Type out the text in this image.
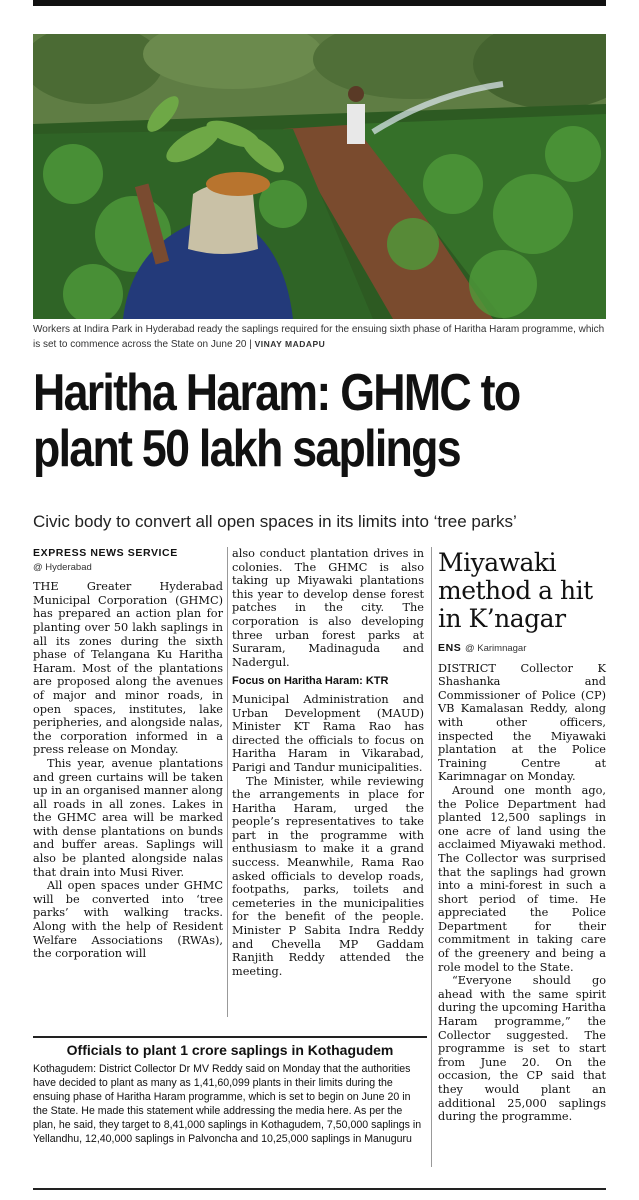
Workers at Indira Park in Hyderabad ready the saplings required for the ensuing sixth phase of Haritha Haram programme, which is set to commence across the State on June 20 | VINAY MADAPU
Haritha Haram: GHMC to
plant 50 lakh saplings
Civic body to convert all open spaces in its limits into ‘tree parks’
EXPRESS NEWS SERVICE
@ Hyderabad

THE Greater Hyderabad Municipal Corporation (GHMC) has prepared an action plan for planting over 50 lakh saplings in all its zones during the sixth phase of Telangana Ku Haritha Haram. Most of the plantations are proposed along the avenues of major and minor roads, in open spaces, institutes, lake peripheries, and alongside nalas, the corporation informed in a press release on Monday.

This year, avenue plantations and green curtains will be taken up in an organised manner along all roads in all zones. Lakes in the GHMC area will be marked with dense plantations on bunds and buffer areas. Saplings will also be planted alongside nalas that drain into Musi River.

All open spaces under GHMC will be converted into ‘tree parks’ with walking tracks. Along with the help of Resident Welfare Associations (RWAs), the corporation will

also conduct plantation drives in colonies. The GHMC is also taking up Miyawaki plantations this year to develop dense forest patches in the city. The corporation is also developing three urban forest parks at Suraram, Madinaguda and Nadergul.

Focus on Haritha Haram: KTR

Municipal Administration and Urban Development (MAUD) Minister KT Rama Rao has directed the officials to focus on Haritha Haram in Vikarabad, Parigi and Tandur municipalities.

The Minister, while reviewing the arrangements in place for Haritha Haram, urged the people’s representatives to take part in the programme with enthusiasm to make it a grand success. Meanwhile, Rama Rao asked officials to develop roads, footpaths, parks, toilets and cemeteries in the municipalities for the benefit of the people. Minister P Sabita Indra Reddy and Chevella MP Gaddam Ranjith Reddy attended the meeting.

Miyawaki
method a hit
in K’nagar
ENS @ Karimnagar

DISTRICT Collector K Shashanka and Commissioner of Police (CP) VB Kamalasan Reddy, along with other officers, inspected the Miyawaki plantation at the Police Training Centre at Karimnagar on Monday.

Around one month ago, the Police Department had planted 12,500 saplings in one acre of land using the acclaimed Miyawaki method. The Collector was surprised that the saplings had grown into a mini-forest in such a short period of time. He appreciated the Police Department for their commitment in taking care of the greenery and being a role model to the State.

“Everyone should go ahead with the same spirit during the upcoming Haritha Haram programme,” the Collector suggested. The programme is set to start from June 20. On the occasion, the CP said that they would plant an additional 25,000 saplings during the programme.

Officials to plant 1 crore saplings in Kothagudem

Kothagudem: District Collector Dr MV Reddy said on Monday that the authorities have decided to plant as many as 1,41,60,099 plants in their limits during the ensuing phase of Haritha Haram programme, which is set to begin on June 20 in the State. He made this statement while addressing the media here. As per the plan, he said, they target to 8,41,000 saplings in Kothagudem, 7,50,000 saplings in Yellandhu, 12,40,000 saplings in Palvoncha and 10,25,000 saplings in Manuguru
